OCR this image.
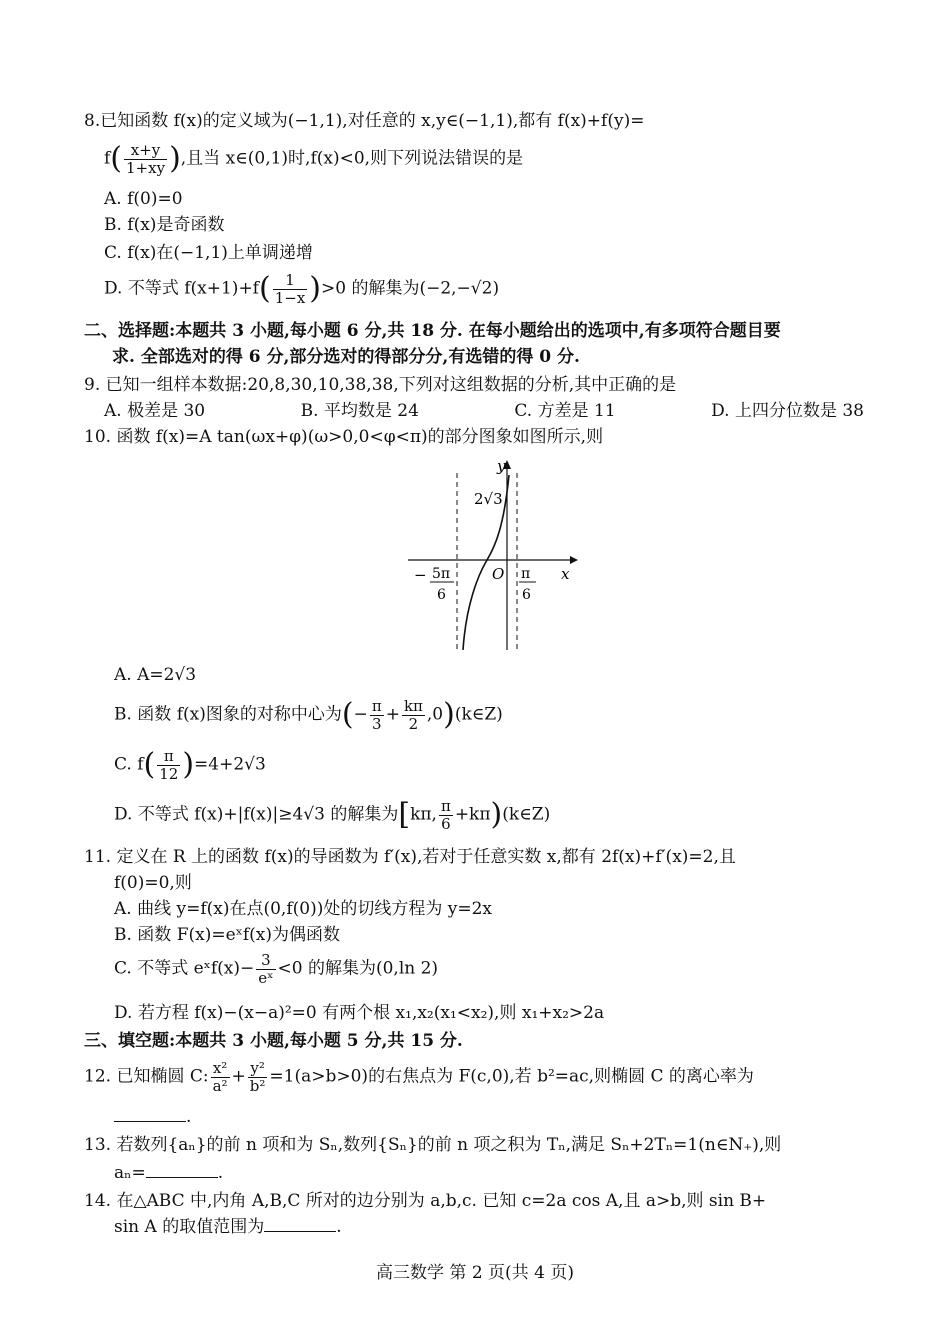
8.已知函数 f(x)的定义域为(−1,1),对任意的 x,y∈(−1,1),都有 f(x)+f(y)=
$f( \frac{x+y}{1+xy}$ ),且当 x∈(0,1)时,f(x)<0,则下列说法错误的是
A. f(0)=0
B. f(x)是奇函数
C. f(x)在(−1,1)上单调递增
D. 不等式 $f(x+1)+f( \frac{1}{1-x} )>0$ 的解集为(−2,−√2)
二、选择题:本题共 3 小题,每小题 6 分,共 18 分. 在每小题给出的选项中,有多项符合题目要
求. 全部选对的得 6 分,部分选对的得部分分,有选错的得 0 分.
9. 已知一组样本数据:20,8,30,10,38,38,下列对这组数据的分析,其中正确的是
A. 极差是 30	B. 平均数是 24	C. 方差是 11	D. 上四分位数是 38
10. 函数 f(x)=A tan(ωx+φ)(ω>0,0<φ<π)的部分图象如图所示,则
y
x
O
2√3
− 5π
6
π
6
A. A=2√3
B. 函数 f(x)图象的对称中心为(− $\frac{\pi}{3} + \frac{k\pi}{2}$ ,0)(k∈Z)
C. $f( \frac{\pi}{12} )=4+2√3$
D. 不等式 f(x)+|f(x)|≥4√3 的解集为[kπ, $\frac{\pi}{6}$ +kπ)(k∈Z)
11. 定义在 R 上的函数 f(x)的导函数为 f′(x),若对于任意实数 x,都有 2f(x)+f′(x)=2,且
f(0)=0,则
A. 曲线 y=f(x)在点(0,f(0))处的切线方程为 y=2x
B. 函数 F(x)=eˣf(x)为偶函数
C. 不等式 eˣf(x)− $\frac{3}{\text{eˣ}} <0$ 的解集为(0,ln 2)
D. 若方程 f(x)−(x−a)²=0 有两个根 x₁,x₂(x₁<x₂),则 x₁+x₂>2a
三、填空题:本题共 3 小题,每小题 5 分,共 15 分.
12. 已知椭圆 C: $\frac{\text{x²}}{\text{a²}} + \frac{\text{y²}}{\text{b²}} =1(a>b>0)$的右焦点为 F(c,0),若 b²=ac,则椭圆 C 的离心率为
.
13. 若数列{aₙ}的前 n 项和为 Sₙ,数列{Sₙ}的前 n 项之积为 Tₙ,满足 Sₙ+2Tₙ=1(n∈N₊),则
aₙ=	.
14. 在△ABC 中,内角 A,B,C 所对的边分别为 a,b,c. 已知 c=2a cos A,且 a>b,则 sin B+
sin A 的取值范围为	.
高三数学 第 2 页(共 4 页)
